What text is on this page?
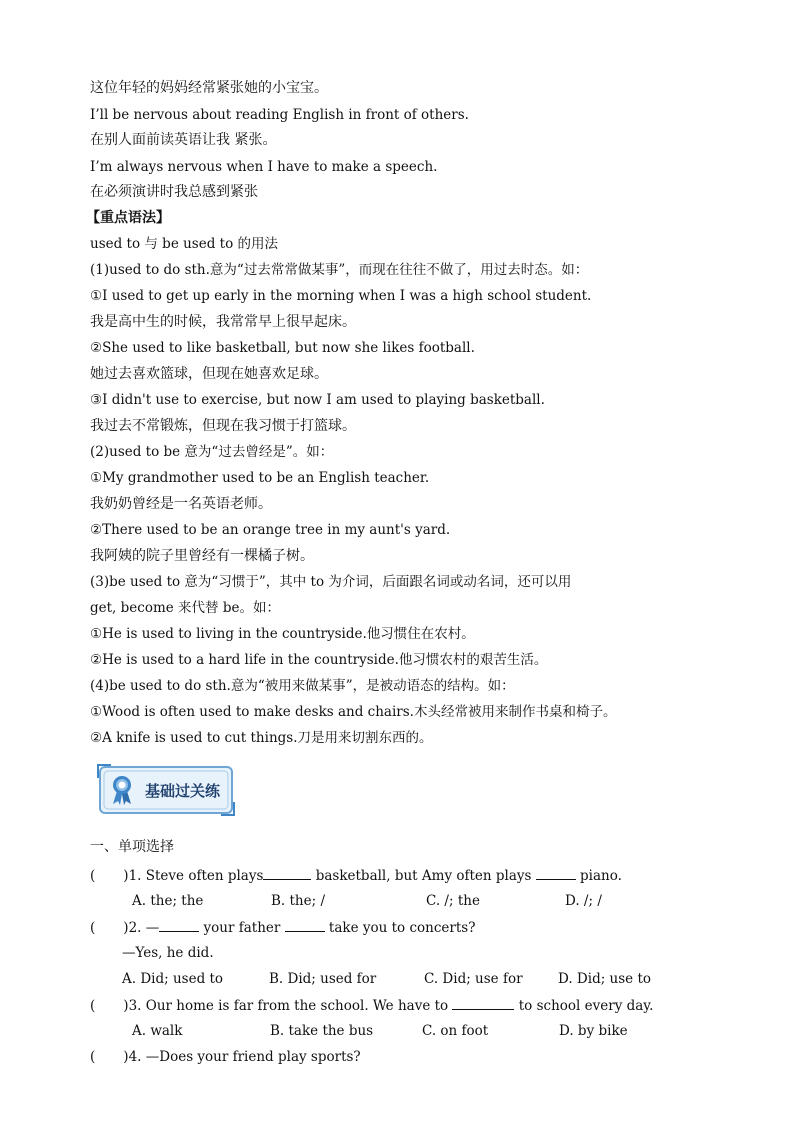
这位年轻的妈妈经常紧张她的小宝宝。
I’ll be nervous about reading English in front of others.
在别人面前读英语让我 紧张。
I’m always nervous when I have to make a speech.
在必须演讲时我总感到紧张
【重点语法】
used to 与 be used to 的用法
(1)used to do sth.意为“过去常常做某事”，而现在往往不做了，用过去时态。如：
①I used to get up early in the morning when I was a high school student.
我是高中生的时候，我常常早上很早起床。
②She used to like basketball, but now she likes football.
她过去喜欢篮球，但现在她喜欢足球。
③I didn't use to exercise, but now I am used to playing basketball.
我过去不常锻炼，但现在我习惯于打篮球。
(2)used to be 意为“过去曾经是”。如：
①My grandmother used to be an English teacher.
我奶奶曾经是一名英语老师。
②There used to be an orange tree in my aunt's yard.
我阿姨的院子里曾经有一棵橘子树。
(3)be used to 意为“习惯于”，其中 to 为介词，后面跟名词或动名词，还可以用
get, become 来代替 be。如：
①He is used to living in the countryside.他习惯住在农村。
②He is used to a hard life in the countryside.他习惯农村的艰苦生活。
(4)be used to do sth.意为“被用来做某事”，是被动语态的结构。如：
①Wood is often used to make desks and chairs.木头经常被用来制作书桌和椅子。
②A knife is used to cut things.刀是用来切割东西的。
基础过关练
一、单项选择
( )1. Steve often plays	basketball, but Amy often plays	piano.
A. the; the	B. the; /	C. /; the	D. /; /
( )2. —	your father	take you to concerts?
—Yes, he did.
A. Did; used to	B. Did; used for	C. Did; use for	D. Did; use to
( )3. Our home is far from the school. We have to	to school every day.
A. walk	B. take the bus	C. on foot	D. by bike
( )4. —Does your friend play sports?
